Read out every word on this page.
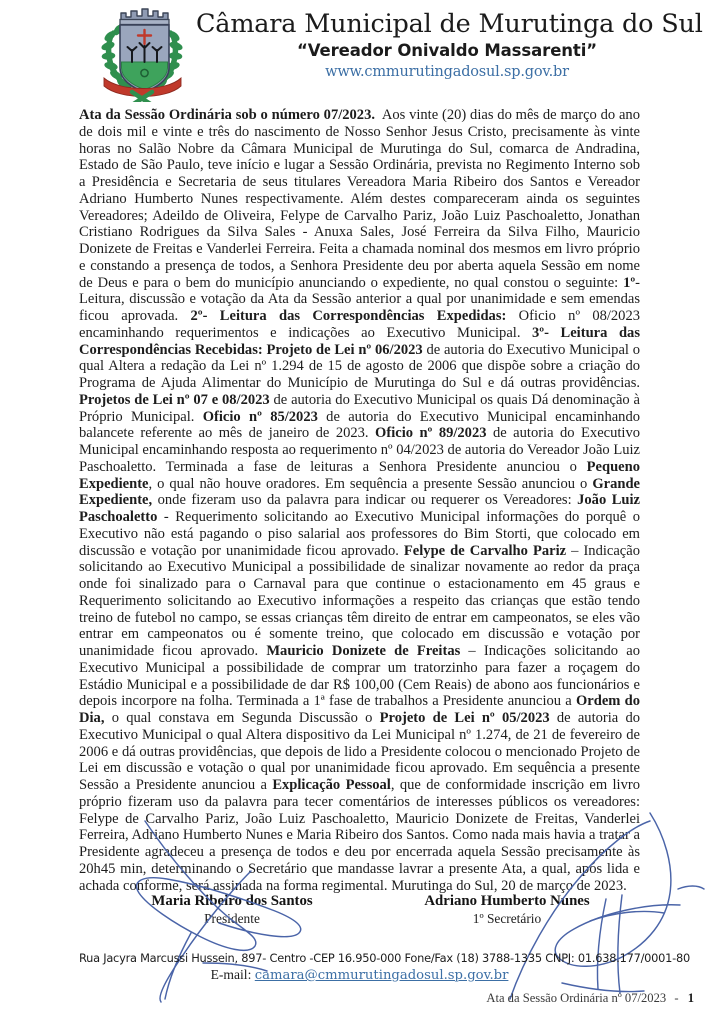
Câmara Municipal de Murutinga do Sul
“Vereador Onivaldo Massarenti”
www.cmmurutingadosul.sp.gov.br

Ata da Sessão Ordinária sob o número 07/2023.  Aos vinte (20) dias do mês de março do ano de dois mil e vinte e três do nascimento de Nosso Senhor Jesus Cristo, precisamente às vinte horas no Salão Nobre da Câmara Municipal de Murutinga do Sul, comarca de Andradina, Estado de São Paulo, teve início e lugar a Sessão Ordinária, prevista no Regimento Interno sob a Presidência e Secretaria de seus titulares Vereadora Maria Ribeiro dos Santos e Vereador Adriano Humberto Nunes respectivamente. Além destes compareceram ainda os seguintes Vereadores; Adeildo de Oliveira, Felype de Carvalho Pariz, João Luiz Paschoaletto, Jonathan Cristiano Rodrigues da Silva Sales - Anuxa Sales, José Ferreira da Silva Filho, Mauricio Donizete de Freitas e Vanderlei Ferreira. Feita a chamada nominal dos mesmos em livro próprio e constando a presença de todos, a Senhora Presidente deu por aberta aquela Sessão em nome de Deus e para o bem do município anunciando o expediente, no qual constou o seguinte: 1º- Leitura, discussão e votação da Ata da Sessão anterior a qual por unanimidade e sem emendas ficou aprovada. 2º- Leitura das Correspondências Expedidas: Oficio nº 08/2023 encaminhando requerimentos e indicações ao Executivo Municipal. 3º- Leitura das Correspondências Recebidas: Projeto de Lei nº 06/2023 de autoria do Executivo Municipal o qual Altera a redação da Lei nº 1.294 de 15 de agosto de 2006 que dispõe sobre a criação do Programa de Ajuda Alimentar do Município de Murutinga do Sul e dá outras providências. Projetos de Lei nº 07 e 08/2023 de autoria do Executivo Municipal os quais Dá denominação à Próprio Municipal. Oficio nº 85/2023 de autoria do Executivo Municipal encaminhando balancete referente ao mês de janeiro de 2023. Oficio nº 89/2023 de autoria do Executivo Municipal encaminhando resposta ao requerimento nº 04/2023 de autoria do Vereador João Luiz Paschoaletto. Terminada a fase de leituras a Senhora Presidente anunciou o Pequeno Expediente, o qual não houve oradores. Em sequência a presente Sessão anunciou o Grande Expediente, onde fizeram uso da palavra para indicar ou requerer os Vereadores: João Luiz Paschoaletto - Requerimento solicitando ao Executivo Municipal informações do porquê o Executivo não está pagando o piso salarial aos professores do Bim Storti, que colocado em discussão e votação por unanimidade ficou aprovado. Felype de Carvalho Pariz – Indicação solicitando ao Executivo Municipal a possibilidade de sinalizar novamente ao redor da praça onde foi sinalizado para o Carnaval para que continue o estacionamento em 45 graus e Requerimento solicitando ao Executivo informações a respeito das crianças que estão tendo treino de futebol no campo, se essas crianças têm direito de entrar em campeonatos, se eles vão entrar em campeonatos ou é somente treino, que colocado em discussão e votação por unanimidade ficou aprovado. Mauricio Donizete de Freitas – Indicações solicitando ao Executivo Municipal a possibilidade de comprar um tratorzinho para fazer a roçagem do Estádio Municipal e a possibilidade de dar R$ 100,00 (Cem Reais) de abono aos funcionários e depois incorpore na folha. Terminada a 1ª fase de trabalhos a Presidente anunciou a Ordem do Dia, o qual constava em Segunda Discussão o Projeto de Lei nº 05/2023 de autoria do Executivo Municipal o qual Altera dispositivo da Lei Municipal nº 1.274, de 21 de fevereiro de 2006 e dá outras providências, que depois de lido a Presidente colocou o mencionado Projeto de Lei em discussão e votação o qual por unanimidade ficou aprovado. Em sequência a presente Sessão a Presidente anunciou a Explicação Pessoal, que de conformidade inscrição em livro próprio fizeram uso da palavra para tecer comentários de interesses públicos os vereadores: Felype de Carvalho Pariz, João Luiz Paschoaletto, Mauricio Donizete de Freitas, Vanderlei Ferreira, Adriano Humberto Nunes e Maria Ribeiro dos Santos. Como nada mais havia a tratar a Presidente agradeceu a presença de todos e deu por encerrada aquela Sessão precisamente às 20h45 min, determinando o Secretário que mandasse lavrar a presente Ata, a qual, após lida e achada conforme, será assinada na forma regimental. Murutinga do Sul, 20 de março de 2023.

Maria Ribeiro dos Santos
Presidente
Adriano Humberto Nunes
1º Secretário
Rua Jacyra Marcussi Hussein, 897- Centro -CEP 16.950-000 Fone/Fax (18) 3788-1335 CNPJ: 01.638.177/0001-80
E-mail: camara@cmmurutingadosul.sp.gov.br
Ata da Sessão Ordinária nº 07/2023 - 1
